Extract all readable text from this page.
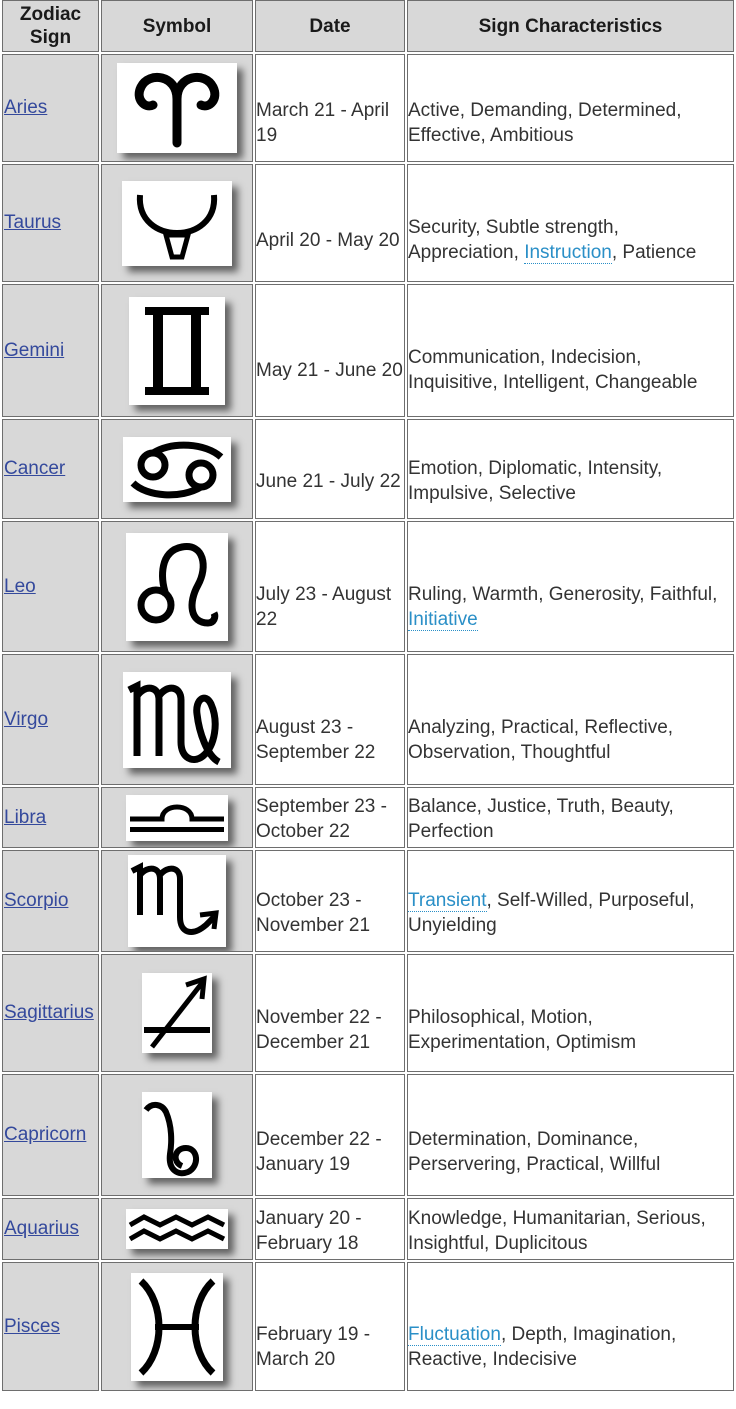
Zodiac Sign	Symbol	Date	Sign Characteristics
Aries		March 21 - April 19	Active, Demanding, Determined, Effective, Ambitious

Taurus		April 20 - May 20	Security, Subtle strength, Appreciation, Instruction, Patience

Gemini		May 21 - June 20	Communication, Indecision, Inquisitive, Intelligent, Changeable

Cancer		June 21 - July 22	Emotion, Diplomatic, Intensity, Impulsive, Selective

Leo		July 23 - August 22	Ruling, Warmth, Generosity, Faithful, Initiative

Virgo		August 23 - September 22	Analyzing, Practical, Reflective, Observation, Thoughtful

Libra		September 23 - October 22	Balance, Justice, Truth, Beauty, Perfection

Scorpio		October 23 - November 21	Transient, Self-Willed, Purposeful, Unyielding

Sagittarius		November 22 - December 21	Philosophical, Motion, Experimentation, Optimism

Capricorn		December 22 - January 19	Determination, Dominance, Perservering, Practical, Willful

Aquarius		January 20 - February 18	Knowledge, Humanitarian, Serious, Insightful, Duplicitous

Pisces		February 19 - March 20	Fluctuation, Depth, Imagination, Reactive, Indecisive
